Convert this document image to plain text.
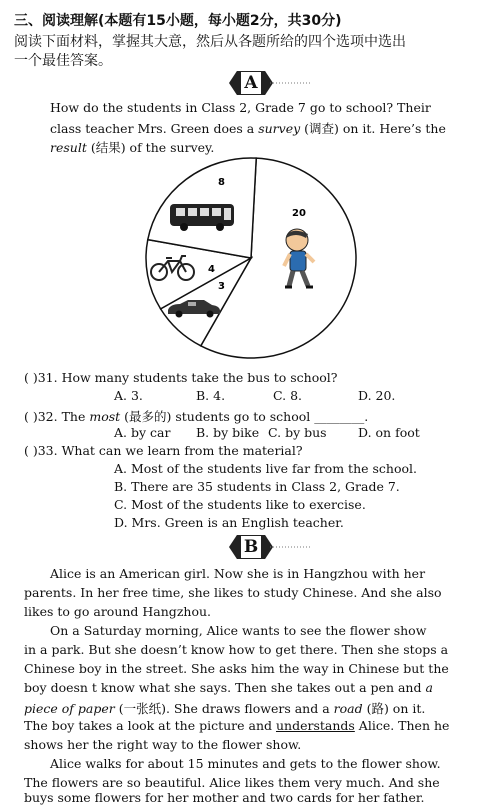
三、阅读理解(本题有15小题，每小题2分，共30分)
阅读下面材料，掌握其大意，然后从各题所给的四个选项中选出
一个最佳答案。
A
How do the students in Class 2, Grade 7 go to school? Their
class teacher Mrs. Green does a survey (调查) on it. Here’s the
result (结果) of the survey.
8
4
3
20
( )31. How many students take the bus to school?
A. 3.	B. 4.	C. 8.	D. 20.
( )32. The most (最多的) students go to school ________.
A. by car B. by bike C. by bus	D. on foot
( )33. What can we learn from the material?
A. Most of the students live far from the school.
B. There are 35 students in Class 2, Grade 7.
C. Most of the students like to exercise.
D. Mrs. Green is an English teacher.
B
Alice is an American girl. Now she is in Hangzhou with her
parents. In her free time, she likes to study Chinese. And she also
likes to go around Hangzhou.
On a Saturday morning, Alice wants to see the flower show
in a park. But she doesn’t know how to get there. Then she stops a
Chinese boy in the street. She asks him the way in Chinese but the
boy doesn t know what she says. Then she takes out a pen and a
piece of paper (一张纸). She draws flowers and a road (路) on it.
The boy takes a look at the picture and understands Alice. Then he
shows her the right way to the flower show.
Alice walks for about 15 minutes and gets to the flower show.
The flowers are so beautiful. Alice likes them very much. And she
buys some flowers for her mother and two cards for her father.
